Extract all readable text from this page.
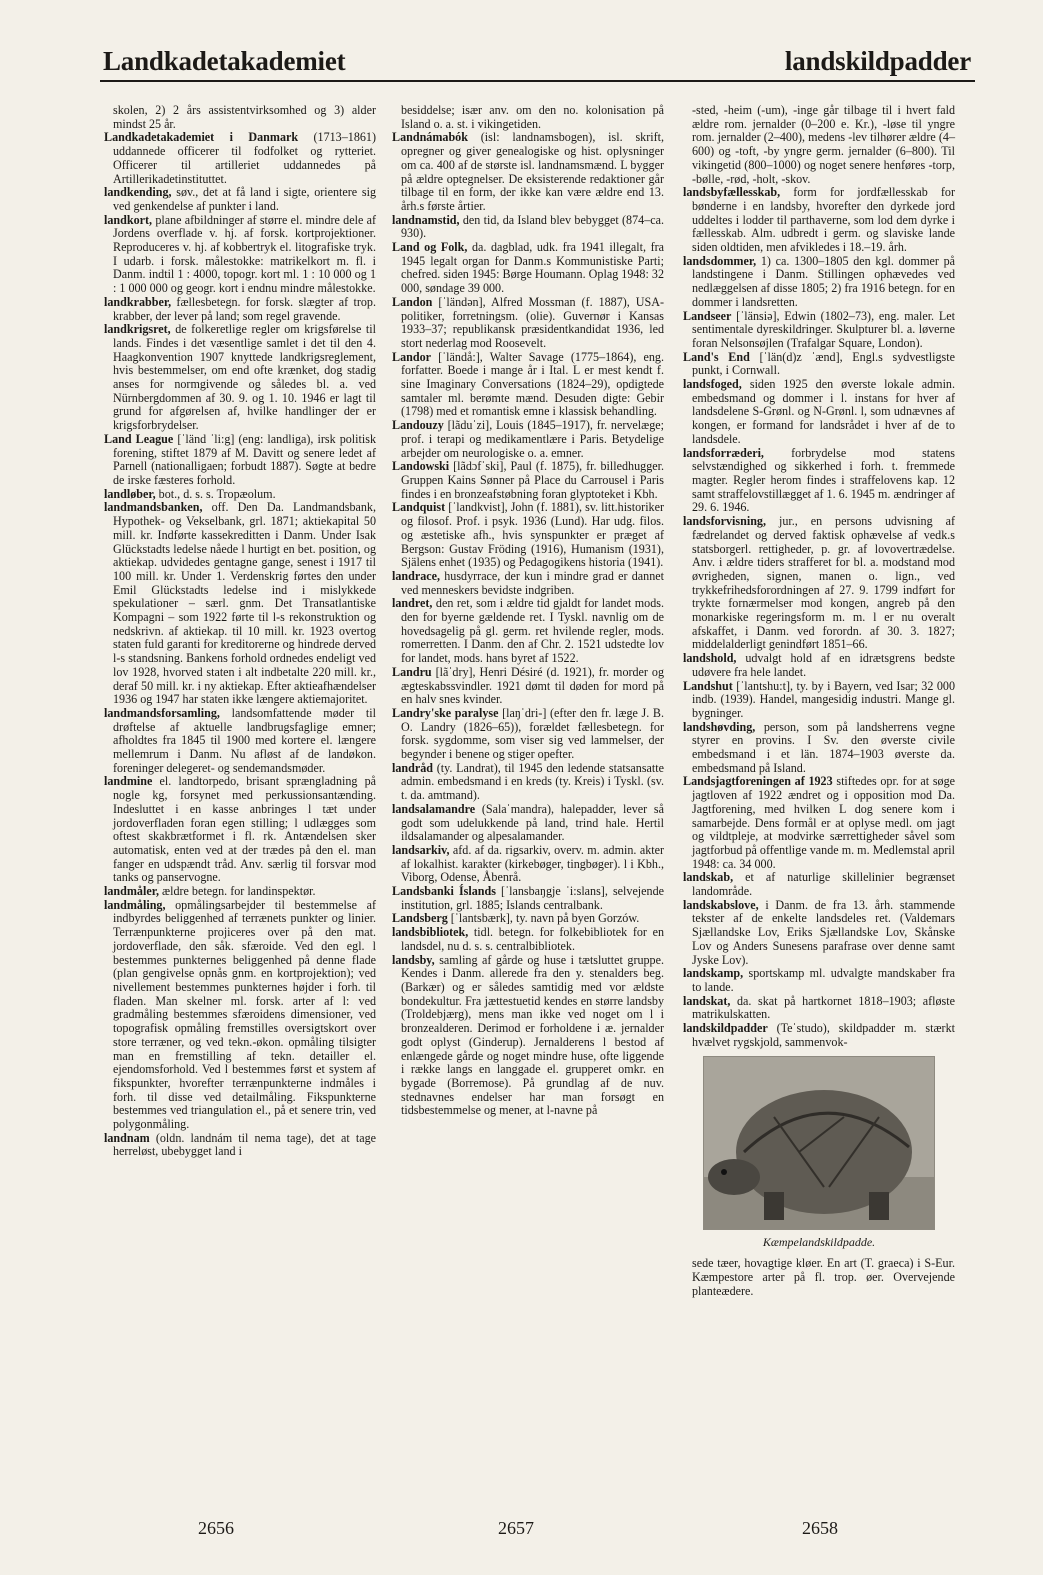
Landkadetakademiet	landskildpadder

skolen, 2) 2 års assistentvirksomhed og 3) alder mindst 25 år.

Landkadetakademiet i Danmark (1713–1861) uddannede officerer til fodfolket og rytteriet. Officerer til artilleriet uddannedes på Artillerikadetinstituttet.

landkending, søv., det at få land i sigte, orientere sig ved genkendelse af punkter i land.

landkort, plane afbildninger af større el. mindre dele af Jordens overflade v. hj. af forsk. kortprojektioner. Reproduceres v. hj. af kobbertryk el. litografiske tryk. I udarb. i forsk. målestokke: matrikelkort m. fl. i Danm. indtil 1 : 4000, topogr. kort ml. 1 : 10 000 og 1 : 1 000 000 og geogr. kort i endnu mindre målestokke.

landkrabber, fællesbetegn. for forsk. slægter af trop. krabber, der lever på land; som regel gravende.

landkrigsret, de folkeretlige regler om krigsførelse til lands. Findes i det væsentlige samlet i det til den 4. Haagkonvention 1907 knyttede landkrigsreglement, hvis bestemmelser, om end ofte krænket, dog stadig anses for normgivende og således bl. a. ved Nürnbergdommen af 30. 9. og 1. 10. 1946 er lagt til grund for afgørelsen af, hvilke handlinger der er krigsforbrydelser.

Land League [ˈländ ˈli:g] (eng: landliga), irsk politisk forening, stiftet 1879 af M. Davitt og senere ledet af Parnell (nationalligaen; forbudt 1887). Søgte at bedre de irske fæsteres forhold.

landløber, bot., d. s. s. Tropæolum.

landmandsbanken, off. Den Da. Landmandsbank, Hypothek- og Vekselbank, grl. 1871; aktiekapital 50 mill. kr. Indførte kassekreditten i Danm. Under Isak Glückstadts ledelse nåede l hurtigt en bet. position, og aktiekap. udvidedes gentagne gange, senest i 1917 til 100 mill. kr. Under 1. Verdenskrig førtes den under Emil Glückstadts ledelse ind i mislykkede spekulationer – særl. gnm. Det Transatlantiske Kompagni – som 1922 førte til l-s rekonstruktion og nedskrivn. af aktiekap. til 10 mill. kr. 1923 overtog staten fuld garanti for kreditorerne og hindrede derved l-s standsning. Bankens forhold ordnedes endeligt ved lov 1928, hvorved staten i alt indbetalte 220 mill. kr., deraf 50 mill. kr. i ny aktiekap. Efter aktieafhændelser 1936 og 1947 har staten ikke længere aktiemajoritet.

landmandsforsamling, landsomfattende møder til drøftelse af aktuelle landbrugsfaglige emner; afholdtes fra 1845 til 1900 med kortere el. længere mellemrum i Danm. Nu afløst af de landøkon. foreninger delegeret- og sendemandsmøder.

landmine el. landtorpedo, brisant sprængladning på nogle kg, forsynet med perkussionsantænding. Indesluttet i en kasse anbringes l tæt under jordoverfladen foran egen stilling; l udlægges som oftest skakbrætformet i fl. rk. Antændelsen sker automatisk, enten ved at der trædes på den el. man fanger en udspændt tråd. Anv. særlig til forsvar mod tanks og panservogne.

landmåler, ældre betegn. for landinspektør.

landmåling, opmålingsarbejder til bestemmelse af indbyrdes beliggenhed af terrænets punkter og linier. Terrænpunkterne projiceres over på den mat. jordoverflade, den såk. sfæroide. Ved den egl. l bestemmes punkternes beliggenhed på denne flade (plan gengivelse opnås gnm. en kortprojektion); ved nivellement bestemmes punkternes højder i forh. til fladen. Man skelner ml. forsk. arter af l: ved gradmåling bestemmes sfæroidens dimensioner, ved topografisk opmåling fremstilles oversigtskort over store terræner, og ved tekn.-økon. opmåling tilsigter man en fremstilling af tekn. detailler el. ejendomsforhold. Ved l bestemmes først et system af fikspunkter, hvorefter terrænpunkterne indmåles i forh. til disse ved detailmåling. Fikspunkterne bestemmes ved triangulation el., på et senere trin, ved polygonmåling.

landnam (oldn. landnám til nema tage), det at tage herreløst, ubebygget land i

besiddelse; især anv. om den no. kolonisation på Island o. a. st. i vikingetiden.

Landnámabók (isl: landnamsbogen), isl. skrift, opregner og giver genealogiske og hist. oplysninger om ca. 400 af de største isl. landnamsmænd. L bygger på ældre optegnelser. De eksisterende redaktioner går tilbage til en form, der ikke kan være ældre end 13. årh.s første årtier.

landnamstid, den tid, da Island blev bebygget (874–ca. 930).

Land og Folk, da. dagblad, udk. fra 1941 illegalt, fra 1945 legalt organ for Danm.s Kommunistiske Parti; chefred. siden 1945: Børge Houmann. Oplag 1948: 32 000, søndage 39 000.

Landon [ˈländən], Alfred Mossman (f. 1887), USA-politiker, forretningsm. (olie). Guvernør i Kansas 1933–37; republikansk præsidentkandidat 1936, led stort nederlag mod Roosevelt.

Landor [ˈländå:], Walter Savage (1775–1864), eng. forfatter. Boede i mange år i Ital. L er mest kendt f. sine Imaginary Conversations (1824–29), opdigtede samtaler ml. berømte mænd. Desuden digte: Gebir (1798) med et romantisk emne i klassisk behandling.

Landouzy [lãduˈzi], Louis (1845–1917), fr. nervelæge; prof. i terapi og medikamentlære i Paris. Betydelige arbejder om neurologiske o. a. emner.

Landowski [lãdɔfˈski], Paul (f. 1875), fr. billedhugger. Gruppen Kains Sønner på Place du Carrousel i Paris findes i en bronzeafstøbning foran glyptoteket i Kbh.

Landquist [ˈlandkvist], John (f. 1881), sv. litt.historiker og filosof. Prof. i psyk. 1936 (Lund). Har udg. filos. og æstetiske afh., hvis synspunkter er præget af Bergson: Gustav Fröding (1916), Humanism (1931), Själens enhet (1935) og Pedagogikens historia (1941).

landrace, husdyrrace, der kun i mindre grad er dannet ved menneskers bevidste indgriben.

landret, den ret, som i ældre tid gjaldt for landet mods. den for byerne gældende ret. I Tyskl. navnlig om de hovedsagelig på gl. germ. ret hvilende regler, mods. romerretten. I Danm. den af Chr. 2. 1521 udstedte lov for landet, mods. hans byret af 1522.

Landru [lãˈdry], Henri Désiré (d. 1921), fr. morder og ægteskabssvindler. 1921 dømt til døden for mord på en halv snes kvinder.

Landry'ske paralyse [laŋˈdri-] (efter den fr. læge J. B. O. Landry (1826–65)), forældet fællesbetegn. for forsk. sygdomme, som viser sig ved lammelser, der begynder i benene og stiger opefter.

landråd (ty. Landrat), til 1945 den ledende statsansatte admin. embedsmand i en kreds (ty. Kreis) i Tyskl. (sv. t. da. amtmand).

landsalamandre (Salaˈmandra), halepadder, lever så godt som udelukkende på land, trind hale. Hertil ildsalamander og alpesalamander.

landsarkiv, afd. af da. rigsarkiv, overv. m. admin. akter af lokalhist. karakter (kirkebøger, tingbøger). l i Kbh., Viborg, Odense, Åbenrå.

Landsbanki Íslands [ˈlansbaŋgje ˈi:slans], selvejende institution, grl. 1885; Islands centralbank.

Landsberg [ˈlantsbærk], ty. navn på byen Gorzów.

landsbibliotek, tidl. betegn. for folkebibliotek for en landsdel, nu d. s. s. centralbibliotek.

landsby, samling af gårde og huse i tætsluttet gruppe. Kendes i Danm. allerede fra den y. stenalders beg. (Barkær) og er således samtidig med vor ældste bondekultur. Fra jættestuetid kendes en større landsby (Troldebjærg), mens man ikke ved noget om l i bronzealderen. Derimod er forholdene i æ. jernalder godt oplyst (Ginderup). Jernalderens l bestod af enlængede gårde og noget mindre huse, ofte liggende i række langs en langgade el. grupperet omkr. en bygade (Borremose). På grundlag af de nuv. stednavnes endelser har man forsøgt en tidsbestemmelse og mener, at l-navne på

-sted, -heim (-um), -inge går tilbage til i hvert fald ældre rom. jernalder (0–200 e. Kr.), -løse til yngre rom. jernalder (2–400), medens -lev tilhører ældre (4–600) og -toft, -by yngre germ. jernalder (6–800). Til vikingetid (800–1000) og noget senere henføres -torp, -bølle, -rød, -holt, -skov.

landsbyfællesskab, form for jordfællesskab for bønderne i en landsby, hvorefter den dyrkede jord uddeltes i lodder til parthaverne, som lod dem dyrke i fællesskab. Alm. udbredt i germ. og slaviske lande siden oldtiden, men afvikledes i 18.–19. årh.

landsdommer, 1) ca. 1300–1805 den kgl. dommer på landstingene i Danm. Stillingen ophævedes ved nedlæggelsen af disse 1805; 2) fra 1916 betegn. for en dommer i landsretten.

Landseer [ˈlänsiə], Edwin (1802–73), eng. maler. Let sentimentale dyreskildringer. Skulpturer bl. a. løverne foran Nelsonsøjlen (Trafalgar Square, London).

Land's End [ˈlän(d)z ˈænd], Engl.s sydvestligste punkt, i Cornwall.

landsfoged, siden 1925 den øverste lokale admin. embedsmand og dommer i l. instans for hver af landsdelene S-Grønl. og N-Grønl. l, som udnævnes af kongen, er formand for landsrådet i hver af de to landsdele.

landsforræderi, forbrydelse mod statens selvstændighed og sikkerhed i forh. t. fremmede magter. Regler herom findes i straffelovens kap. 12 samt straffelovstillægget af 1. 6. 1945 m. ændringer af 29. 6. 1946.

landsforvisning, jur., en persons udvisning af fædrelandet og derved faktisk ophævelse af vedk.s statsborgerl. rettigheder, p. gr. af lovovertrædelse. Anv. i ældre tiders strafferet for bl. a. modstand mod øvrigheden, signen, manen o. lign., ved trykkefrihedsforordningen af 27. 9. 1799 indført for trykte fornærmelser mod kongen, angreb på den monarkiske regeringsform m. m. l er nu overalt afskaffet, i Danm. ved forordn. af 30. 3. 1827; middelalderligt genindført 1851–66.

landshold, udvalgt hold af en idrætsgrens bedste udøvere fra hele landet.

Landshut [ˈlantshu:t], ty. by i Bayern, ved Isar; 32 000 indb. (1939). Handel, mangesidig industri. Mange gl. bygninger.

landshøvding, person, som på landsherrens vegne styrer en provins. I Sv. den øverste civile embedsmand i et län. 1874–1903 øverste da. embedsmand på Island.

Landsjagtforeningen af 1923 stiftedes opr. for at søge jagtloven af 1922 ændret og i opposition mod Da. Jagtforening, med hvilken L dog senere kom i samarbejde. Dens formål er at oplyse medl. om jagt og vildtpleje, at modvirke særrettigheder såvel som jagtforbud på offentlige vande m. m. Medlemstal april 1948: ca. 34 000.

landskab, et af naturlige skillelinier begrænset landområde.

landskabslove, i Danm. de fra 13. årh. stammende tekster af de enkelte landsdeles ret. (Valdemars Sjællandske Lov, Eriks Sjællandske Lov, Skånske Lov og Anders Sunesens parafrase over denne samt Jyske Lov).

landskamp, sportskamp ml. udvalgte mandskaber fra to lande.

landskat, da. skat på hartkornet 1818–1903; afløste matrikulskatten.

landskildpadder (Teˈstudo), skildpadder m. stærkt hvælvet rygskjold, sammenvok-

Kæmpelandskildpadde.

sede tæer, hovagtige kløer. En art (T. graeca) i S-Eur. Kæmpestore arter på fl. trop. øer. Overvejende planteædere.

2656	2657	2658
